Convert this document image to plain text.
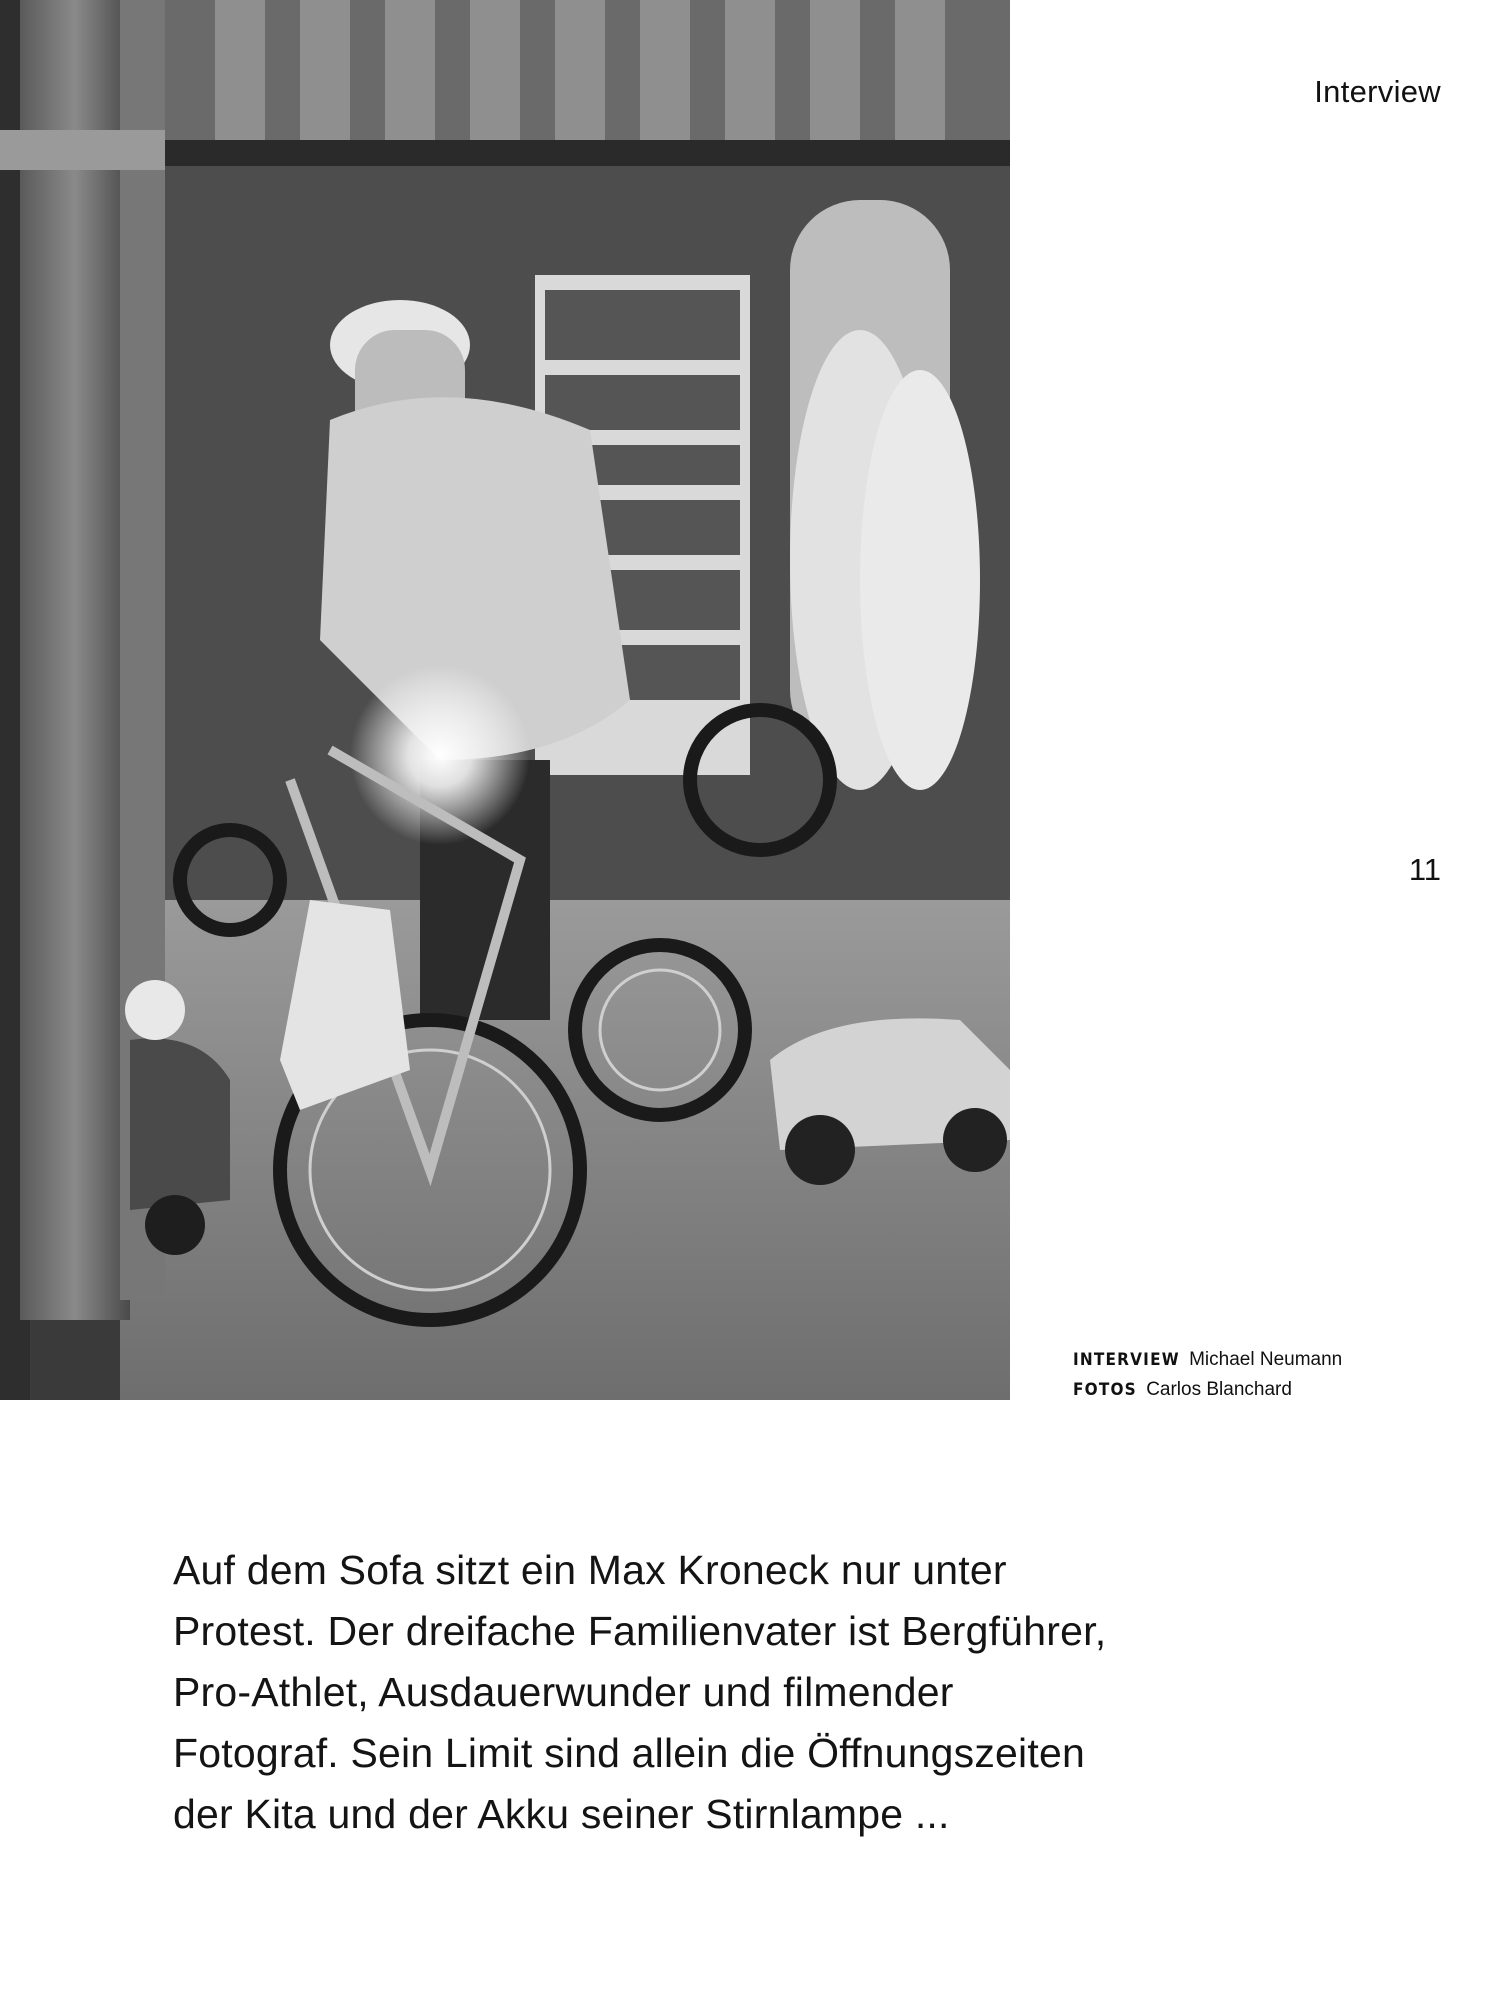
Interview
11
INTERVIEW Michael Neumann
FOTOS Carlos Blanchard
Auf dem Sofa sitzt ein Max Kroneck nur unter
Protest. Der dreifache Familienvater ist Bergführer,
Pro-Athlet, Ausdauerwunder und filmender
Fotograf. Sein Limit sind allein die Öffnungszeiten
der Kita und der Akku seiner Stirnlampe ...
